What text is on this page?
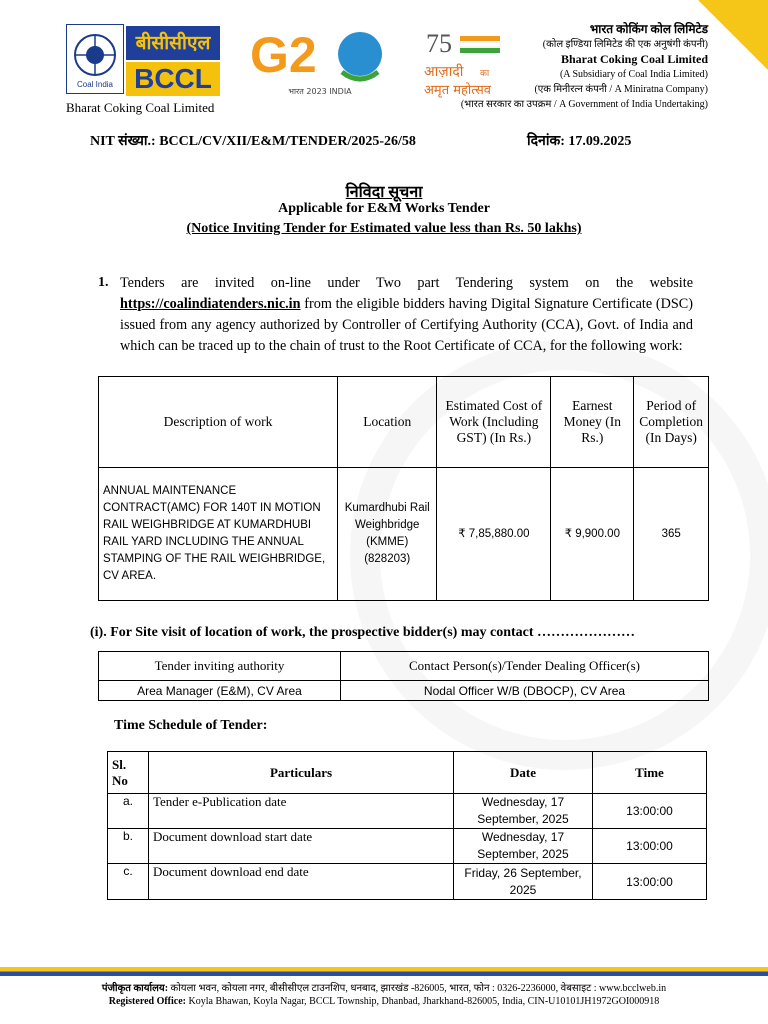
Coal India
बीसीसीएल
BCCL
Bharat Coking Coal Limited
G2
भारत 2023 INDIA
75
आज़ादी का
अमृत महोत्सव
भारत कोकिंग कोल लिमिटेड
(कोल इण्डिया लिमिटेड की एक अनुषंगी कंपनी)
Bharat Coking Coal Limited
(A Subsidiary of Coal India Limited)
(एक मिनीरत्न कंपनी / A Miniratna Company)
(भारत सरकार का उपक्रम / A Government of India Undertaking)
NIT संख्या.: BCCL/CV/XII/E&M/TENDER/2025-26/58	दिनांक: 17.09.2025
निविदा सूचना
Applicable for E&M Works Tender
(Notice Inviting Tender for Estimated value less than Rs. 50 lakhs)
1. Tenders are invited on-line under Two part Tendering system on the website https://coalindiatenders.nic.in from the eligible bidders having Digital Signature Certificate (DSC) issued from any agency authorized by Controller of Certifying Authority (CCA), Govt. of India and which can be traced up to the chain of trust to the Root Certificate of CCA, for the following work:
Description of work	Location	Estimated Cost of Work (Including GST) (In Rs.)	Earnest Money (In Rs.)	Period of Completion (In Days)
ANNUAL MAINTENANCE CONTRACT(AMC) FOR 140T IN MOTION RAIL WEIGHBRIDGE AT KUMARDHUBI RAIL YARD INCLUDING THE ANNUAL STAMPING OF THE RAIL WEIGHBRIDGE, CV AREA.	Kumardhubi Rail Weighbridge (KMME) (828203)	₹ 7,85,880.00	₹ 9,900.00	365
(i). For Site visit of location of work, the prospective bidder(s) may contact …………………
Tender inviting authority	Contact Person(s)/Tender Dealing Officer(s)
Area Manager (E&M), CV Area	Nodal Officer W/B (DBOCP), CV Area
Time Schedule of Tender:
Sl. No	Particulars	Date	Time
a.	Tender e-Publication date	Wednesday, 17 September, 2025	13:00:00
b.	Document download start date	Wednesday, 17 September, 2025	13:00:00
c.	Document download end date	Friday, 26 September, 2025	13:00:00
पंजीकृत कार्यालय: कोयला भवन, कोयला नगर, बीसीसीएल टाउनशिप, धनबाद, झारखंड -826005, भारत, फोन : 0326-2236000, वेबसाइट : www.bcclweb.in
Registered Office: Koyla Bhawan, Koyla Nagar, BCCL Township, Dhanbad, Jharkhand-826005, India, CIN-U10101JH1972GOI000918
